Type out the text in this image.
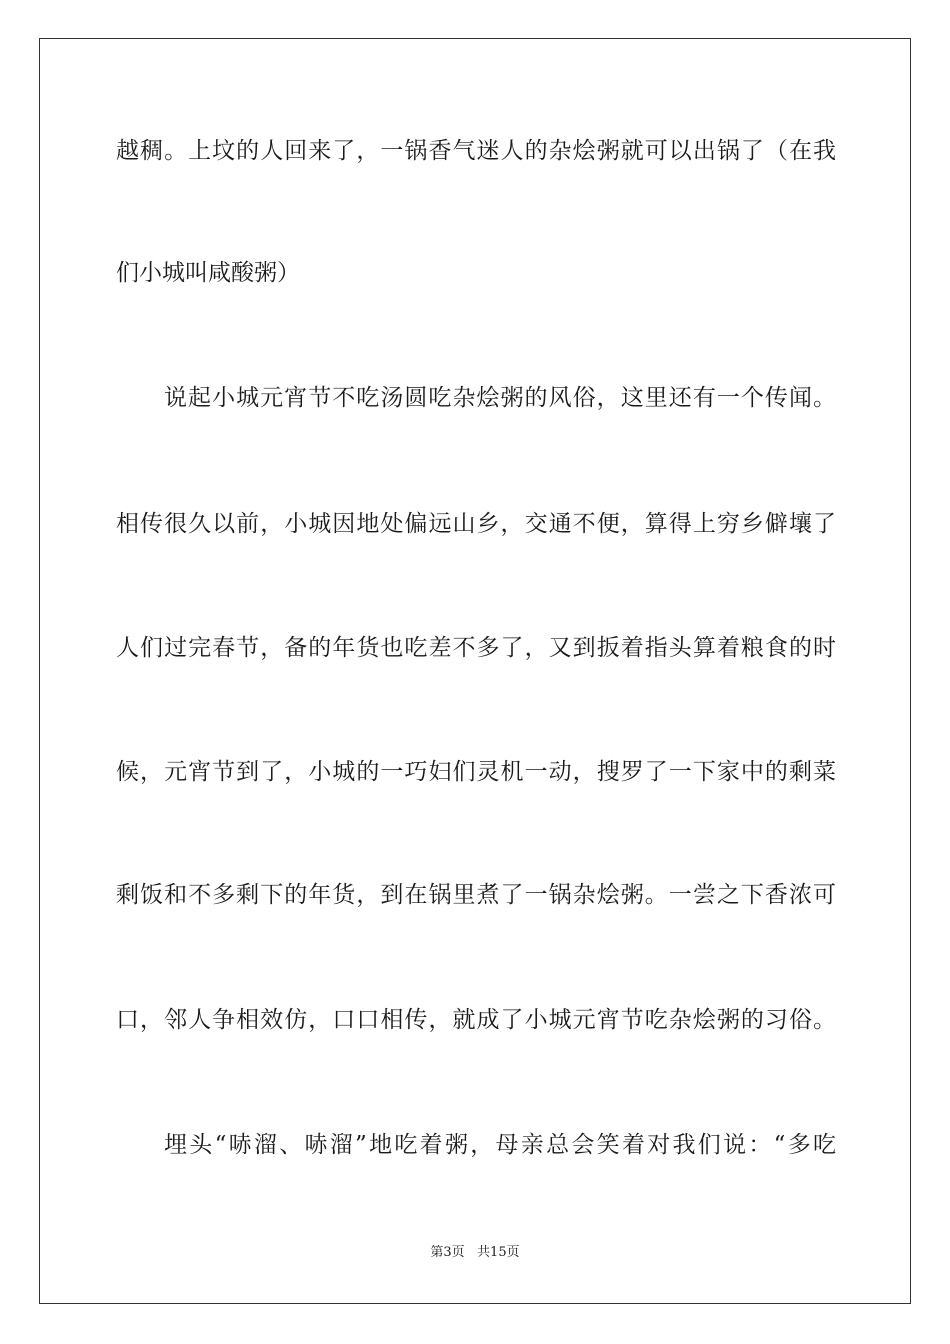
越稠。上坟的人回来了，一锅香气迷人的杂烩粥就可以出锅了（在我
们小城叫咸酸粥）
说起小城元宵节不吃汤圆吃杂烩粥的风俗，这里还有一个传闻。
相传很久以前，小城因地处偏远山乡，交通不便，算得上穷乡僻壤了
人们过完春节，备的年货也吃差不多了，又到扳着指头算着粮食的时
候，元宵节到了，小城的一巧妇们灵机一动，搜罗了一下家中的剩菜
剩饭和不多剩下的年货，到在锅里煮了一锅杂烩粥。一尝之下香浓可
口，邻人争相效仿，口口相传，就成了小城元宵节吃杂烩粥的习俗。
埋头“哧溜、哧溜”地吃着粥，母亲总会笑着对我们说：“多吃
第3页   共15页
